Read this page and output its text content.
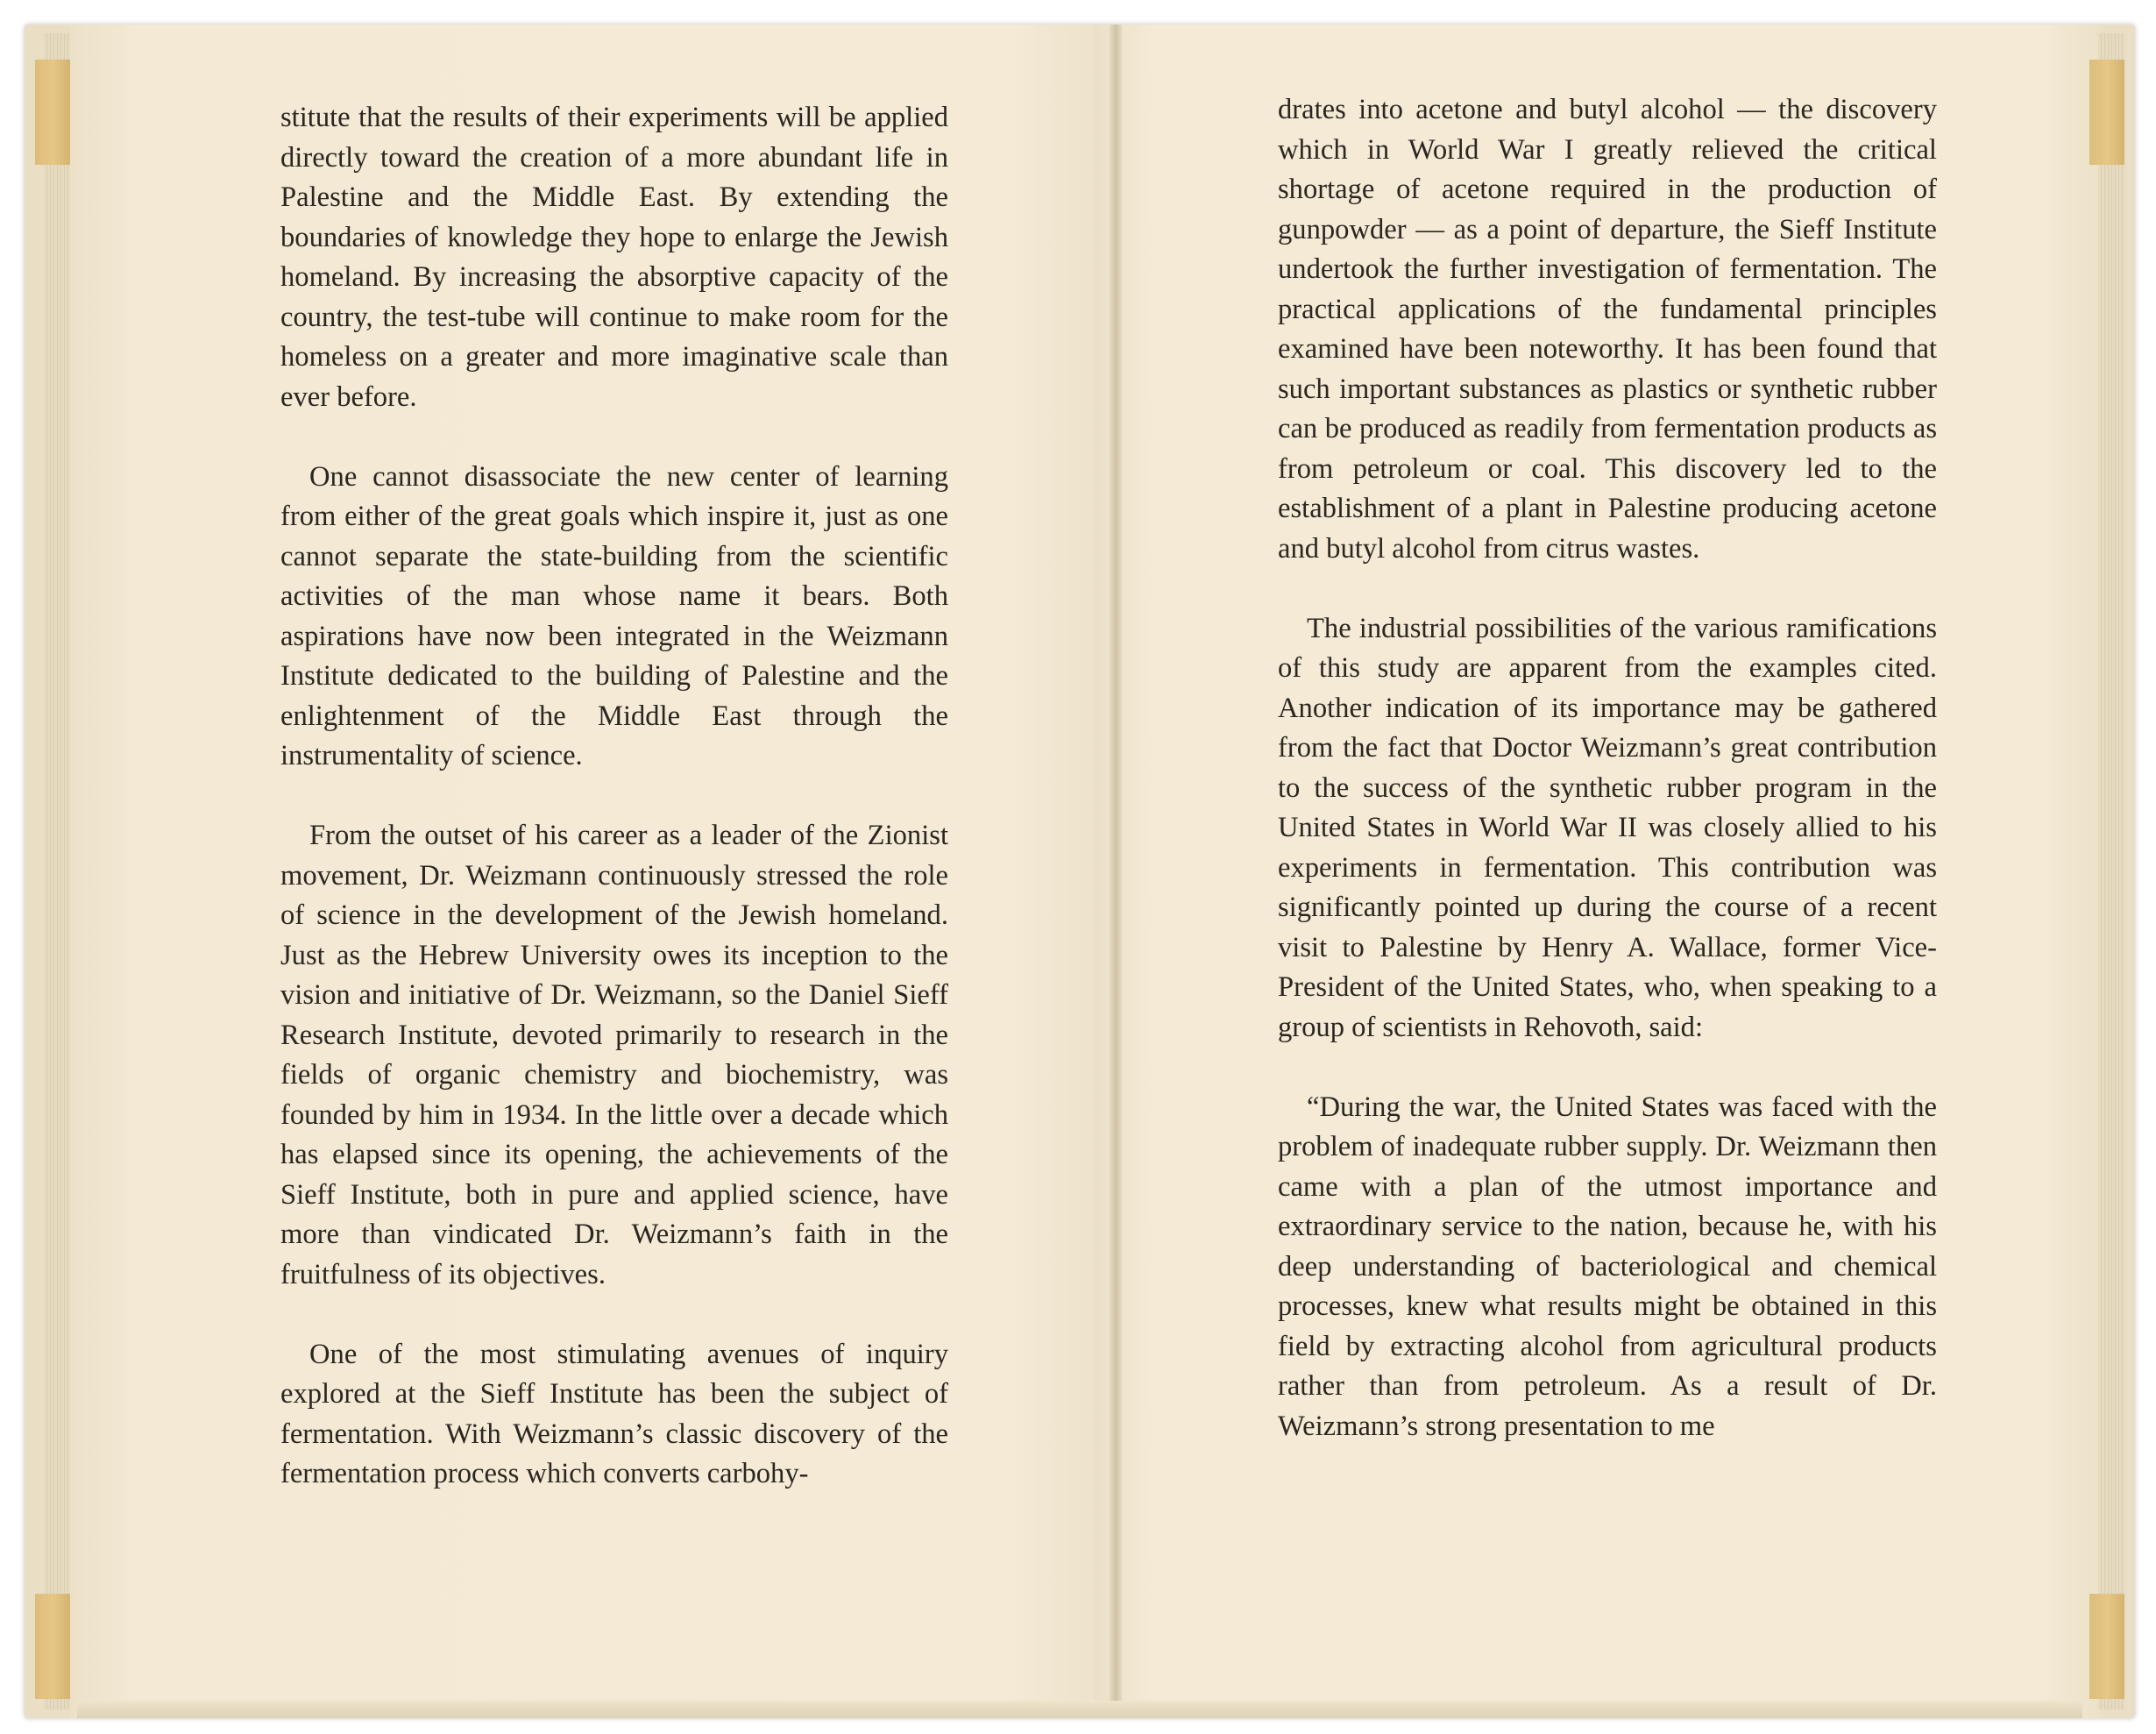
stitute that the results of their experiments will be applied directly toward the creation of a more abundant life in Palestine and the Middle East. By extending the boundaries of knowledge they hope to enlarge the Jewish homeland. By increasing the absorptive capacity of the country, the test-tube will continue to make room for the homeless on a greater and more imaginative scale than ever before.

One cannot disassociate the new center of learning from either of the great goals which inspire it, just as one cannot separate the state-building from the scientific activities of the man whose name it bears. Both aspirations have now been integrated in the Weizmann Institute dedicated to the building of Palestine and the enlightenment of the Middle East through the instrumentality of science.

From the outset of his career as a leader of the Zionist movement, Dr. Weizmann continuously stressed the role of science in the development of the Jewish homeland. Just as the Hebrew University owes its inception to the vision and initiative of Dr. Weizmann, so the Daniel Sieff Research Institute, devoted primarily to research in the fields of organic chemistry and biochemistry, was founded by him in 1934. In the little over a decade which has elapsed since its opening, the achievements of the Sieff Institute, both in pure and applied science, have more than vindicated Dr. Weizmann’s faith in the fruitfulness of its objectives.

One of the most stimulating avenues of inquiry explored at the Sieff Institute has been the subject of fermentation. With Weizmann’s classic discovery of the fermentation process which converts carbohy-

drates into acetone and butyl alcohol — the discovery which in World War I greatly relieved the critical shortage of acetone required in the production of gunpowder — as a point of departure, the Sieff Institute undertook the further investigation of fermentation. The practical applications of the fundamental principles examined have been noteworthy. It has been found that such important substances as plastics or synthetic rubber can be produced as readily from fermentation products as from petroleum or coal. This discovery led to the establishment of a plant in Palestine producing acetone and butyl alcohol from citrus wastes.

The industrial possibilities of the various ramifications of this study are apparent from the examples cited. Another indication of its importance may be gathered from the fact that Doctor Weizmann’s great contribution to the success of the synthetic rubber program in the United States in World War II was closely allied to his experiments in fermentation. This contribution was significantly pointed up during the course of a recent visit to Palestine by Henry A. Wallace, former Vice-President of the United States, who, when speaking to a group of scientists in Rehovoth, said:

“During the war, the United States was faced with the problem of inadequate rubber supply. Dr. Weizmann then came with a plan of the utmost importance and extraordinary service to the nation, because he, with his deep understanding of bacteriological and chemical processes, knew what results might be obtained in this field by extracting alcohol from agricultural products rather than from petroleum. As a result of Dr. Weizmann’s strong presentation to me
